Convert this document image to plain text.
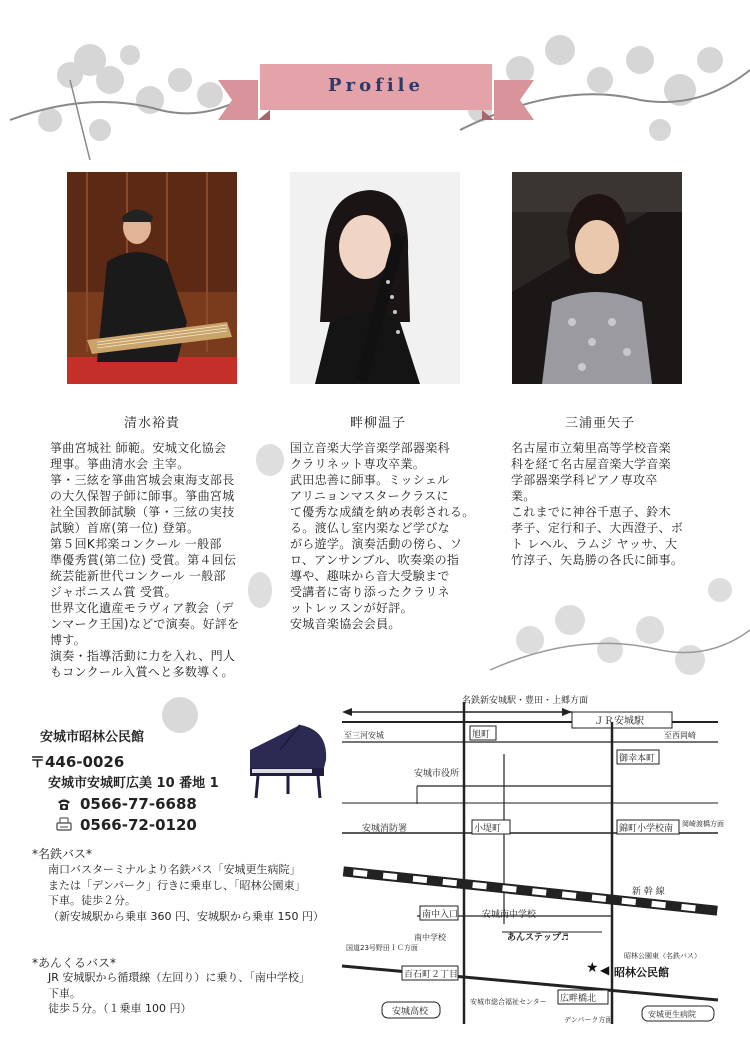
Profile
清水裕貴	畔柳温子	三浦亜矢子

箏曲宮城社 師範。安城文化協会

理事。箏曲清水会 主宰。

箏・三絃を箏曲宮城会東海支部長

の大久保智子師に師事。箏曲宮城

社全国教師試験（箏・三絃の実技

試験）首席(第一位) 登第。

第５回K邦楽コンクール 一般部

準優秀賞(第二位) 受賞。第４回伝

統芸能新世代コンクール 一般部

ジャポニスム賞 受賞。

世界文化遺産モラヴィア教会（デ

ンマーク王国)などで演奏。好評を

博す。

演奏・指導活動に力を入れ、門人

もコンクール入賞へと多数導く。

国立音楽大学音楽学部器楽科

クラリネット専攻卒業。

武田忠善に師事。ミッシェル

アリニョンマスタークラスに

て優秀な成績を納め表彰される。

る。渡仏し室内楽など学びな

がら遊学。演奏活動の傍ら、ソ

ロ、アンサンブル、吹奏楽の指

導や、趣味から音大受験まで

受講者に寄り添ったクラリネ

ットレッスンが好評。

安城音楽協会会員。

名古屋市立菊里高等学校音楽

科を経て名古屋音楽大学音楽

学部器楽学科ピアノ専攻卒

業。

これまでに神谷千恵子、鈴木

孝子、定行和子、大西澄子、ボ

ト レヘル、ラムジ ヤッサ、大

竹淳子、矢島勝の各氏に師事。

安城市昭林公民館
〒446-0026
安城市安城町広美 10 番地 1
0566-77-6688
0566-72-0120
*名鉄バス*
南口バスターミナルより名鉄バス「安城更生病院」
または「デンパーク」行きに乗車し、「昭林公園東」
下車。徒歩２分。
（新安城駅から乗車 360 円、安城駅から乗車 150 円）
*あんくるバス*
JR 安城駅から循環線（左回り）に乗り、「南中学校」
下車。
徒歩５分。（１乗車 100 円）
名鉄新安城駅・豊田・上郷方面
ＪＲ安城駅
至三河安城	至西岡崎
旭町
御幸本町
安城市役所
安城消防署	小堤町	錦町小学校南 岡崎渡橋方面
新 幹 線
南中入口	安城南中学校
南中学校	あんステップ♬
昭林公園東（名鉄バス）
国道23号野田ＩＣ方面
百石町２丁目	★ ◀ 昭林公民館
安城高校
安城市総合福祉センター 広畔橋北
デンパーク方面
安城更生病院
